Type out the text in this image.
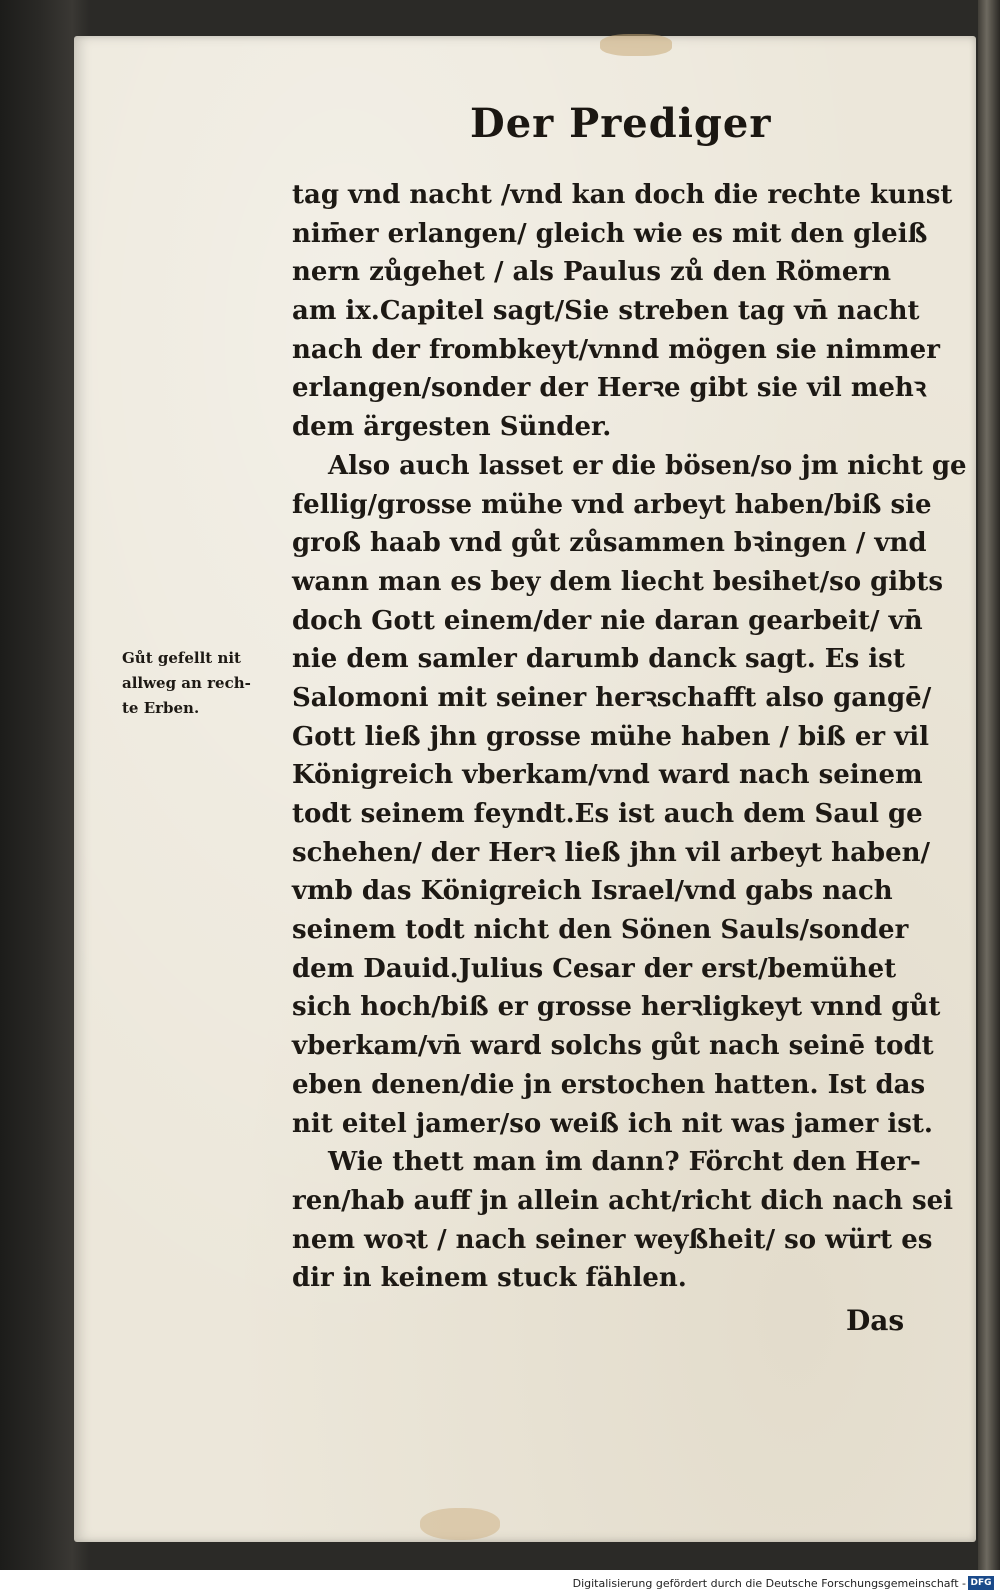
Der Prediger
tag vnd nacht /vnd kan doch die rechte kunst
nim̄er erlangen/ gleich wie es mit den gleiß
nern zůgehet / als Paulus zů den Römern
am ix.Capitel sagt/Sie streben tag vn̄ nacht
nach der frombkeyt/vnnd mögen sie nimmer
erlangen/sonder der Herꝛe gibt sie vil mehꝛ
dem ärgesten Sünder.
Also auch lasset er die bösen/so jm nicht ge
fellig/grosse mühe vnd arbeyt haben/biß sie
groß haab vnd gůt zůsammen bꝛingen / vnd
wann man es bey dem liecht besihet/so gibts
doch Gott einem/der nie daran gearbeit/ vn̄
nie dem samler darumb danck sagt. Es ist
Salomoni mit seiner herꝛschafft also gangē/
Gott ließ jhn grosse mühe haben / biß er vil
Königreich vberkam/vnd ward nach seinem
todt seinem feyndt.Es ist auch dem Saul ge
schehen/ der Herꝛ ließ jhn vil arbeyt haben/
vmb das Königreich Israel/vnd gabs nach
seinem todt nicht den Sönen Sauls/sonder
dem Dauid.Julius Cesar der erst/bemühet
sich hoch/biß er grosse herꝛligkeyt vnnd gůt
vberkam/vn̄ ward solchs gůt nach seinē todt
eben denen/die jn erstochen hatten. Ist das
nit eitel jamer/so weiß ich nit was jamer ist.
Wie thett man im dann? Förcht den Her-
ren/hab auff jn allein acht/richt dich nach sei
nem woꝛt / nach seiner weyßheit/ so würt es
dir in keinem stuck fählen.
Gůt gefellt nit
allweg an rech-
te Erben.
Das
Digitalisierung gefördert durch die Deutsche Forschungsgemeinschaft - DFG
